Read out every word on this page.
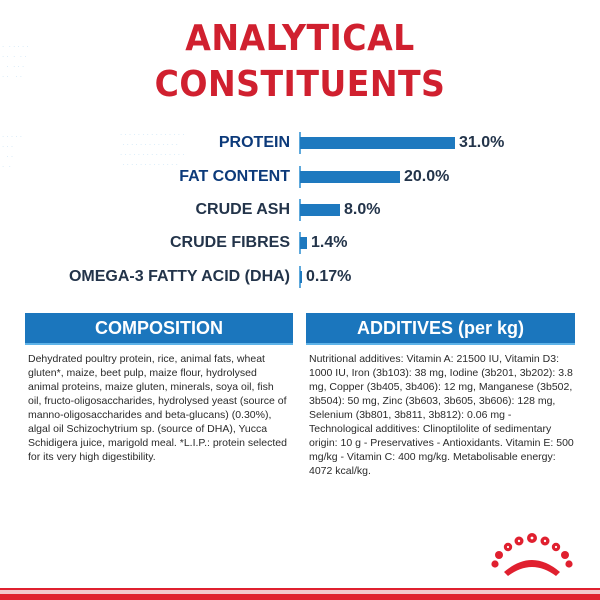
.  . . . . .
. .  .  . .
.  . . .
. .   . .
. . . . .
. . .
. .
.  .
. . . . . . . . . . . . . . .
. . . . . . . . . . . . .
. . . . . . . . . . . . . . .
. . . . . . . . . . . . .
ANALYTICAL
CONSTITUENTS
PROTEIN	31.0%
FAT CONTENT	20.0%
CRUDE ASH	8.0%
CRUDE FIBRES 1.4%
OMEGA-3 FATTY ACID (DHA) 0.17%
COMPOSITION	ADDITIVES (per kg)
Dehydrated poultry protein, rice, animal fats, wheat gluten*, maize, beet pulp, maize flour, hydrolysed animal proteins, maize gluten, minerals, soya oil, fish oil, fructo-oligosaccharides, hydrolysed yeast (source of manno-oligosaccharides and beta-glucans) (0.30%), algal oil Schizochytrium sp. (source of DHA), Yucca Schidigera juice, marigold meal. *L.I.P.: protein selected for its very high digestibility.
Nutritional additives: Vitamin A: 21500 IU, Vitamin D3: 1000 IU, Iron (3b103): 38 mg, Iodine (3b201, 3b202): 3.8 mg, Copper (3b405, 3b406): 12 mg, Manganese (3b502, 3b504): 50 mg, Zinc (3b603, 3b605, 3b606): 128 mg, Selenium (3b801, 3b811, 3b812): 0.06 mg - Technological additives: Clinoptilolite of sedimentary origin: 10 g - Preservatives - Antioxidants. Vitamin E: 500 mg/kg - Vitamin C: 400 mg/kg. Metabolisable energy: 4072 kcal/kg.
